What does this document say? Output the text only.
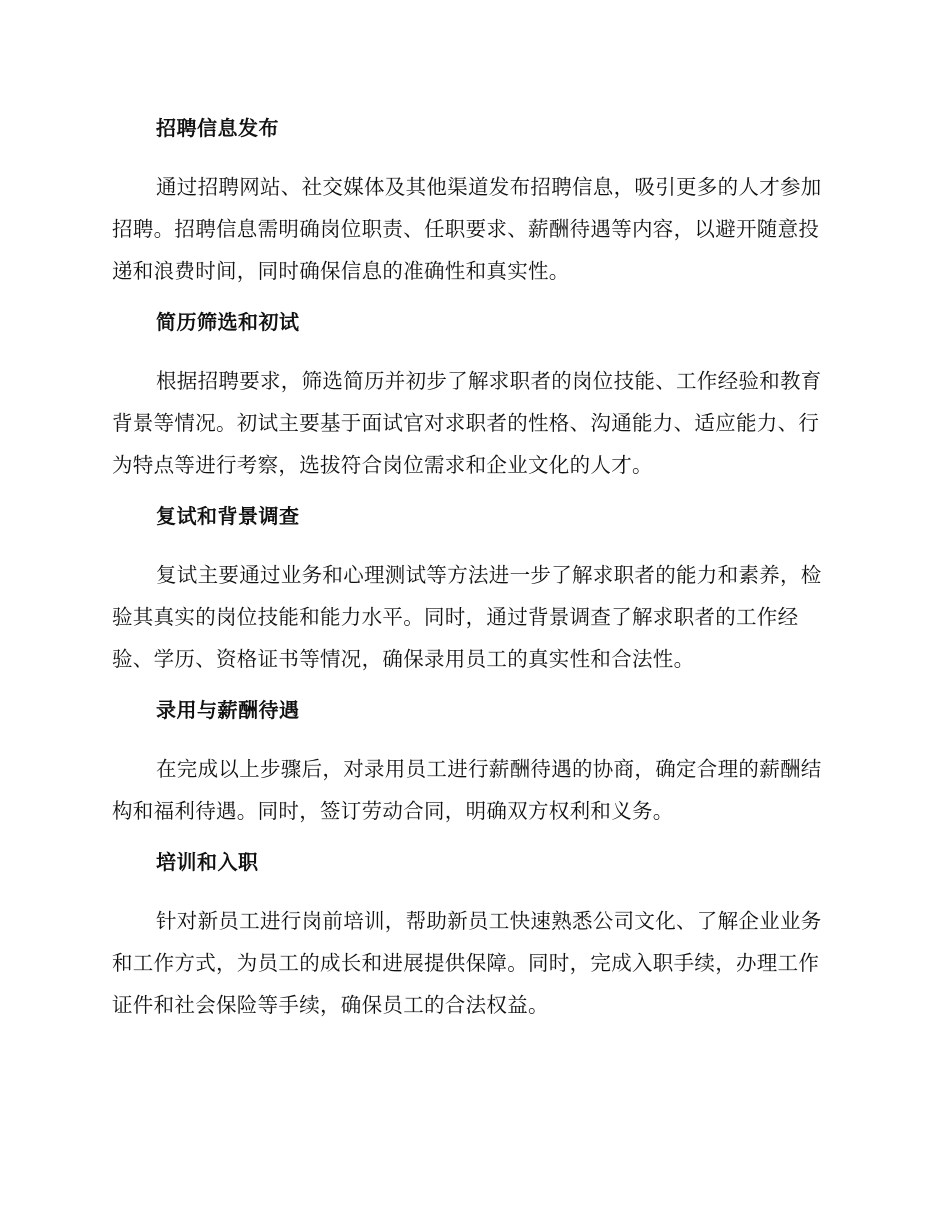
招聘信息发布

通过招聘网站、社交媒体及其他渠道发布招聘信息，吸引更多的人才参加招聘。招聘信息需明确岗位职责、任职要求、薪酬待遇等内容，以避开随意投递和浪费时间，同时确保信息的准确性和真实性。

简历筛选和初试

根据招聘要求，筛选简历并初步了解求职者的岗位技能、工作经验和教育背景等情况。初试主要基于面试官对求职者的性格、沟通能力、适应能力、行为特点等进行考察，选拔符合岗位需求和企业文化的人才。

复试和背景调查

复试主要通过业务和心理测试等方法进一步了解求职者的能力和素养，检验其真实的岗位技能和能力水平。同时，通过背景调查了解求职者的工作经验、学历、资格证书等情况，确保录用员工的真实性和合法性。

录用与薪酬待遇

在完成以上步骤后，对录用员工进行薪酬待遇的协商，确定合理的薪酬结构和福利待遇。同时，签订劳动合同，明确双方权利和义务。

培训和入职

针对新员工进行岗前培训，帮助新员工快速熟悉公司文化、了解企业业务和工作方式，为员工的成长和进展提供保障。同时，完成入职手续，办理工作证件和社会保险等手续，确保员工的合法权益。
